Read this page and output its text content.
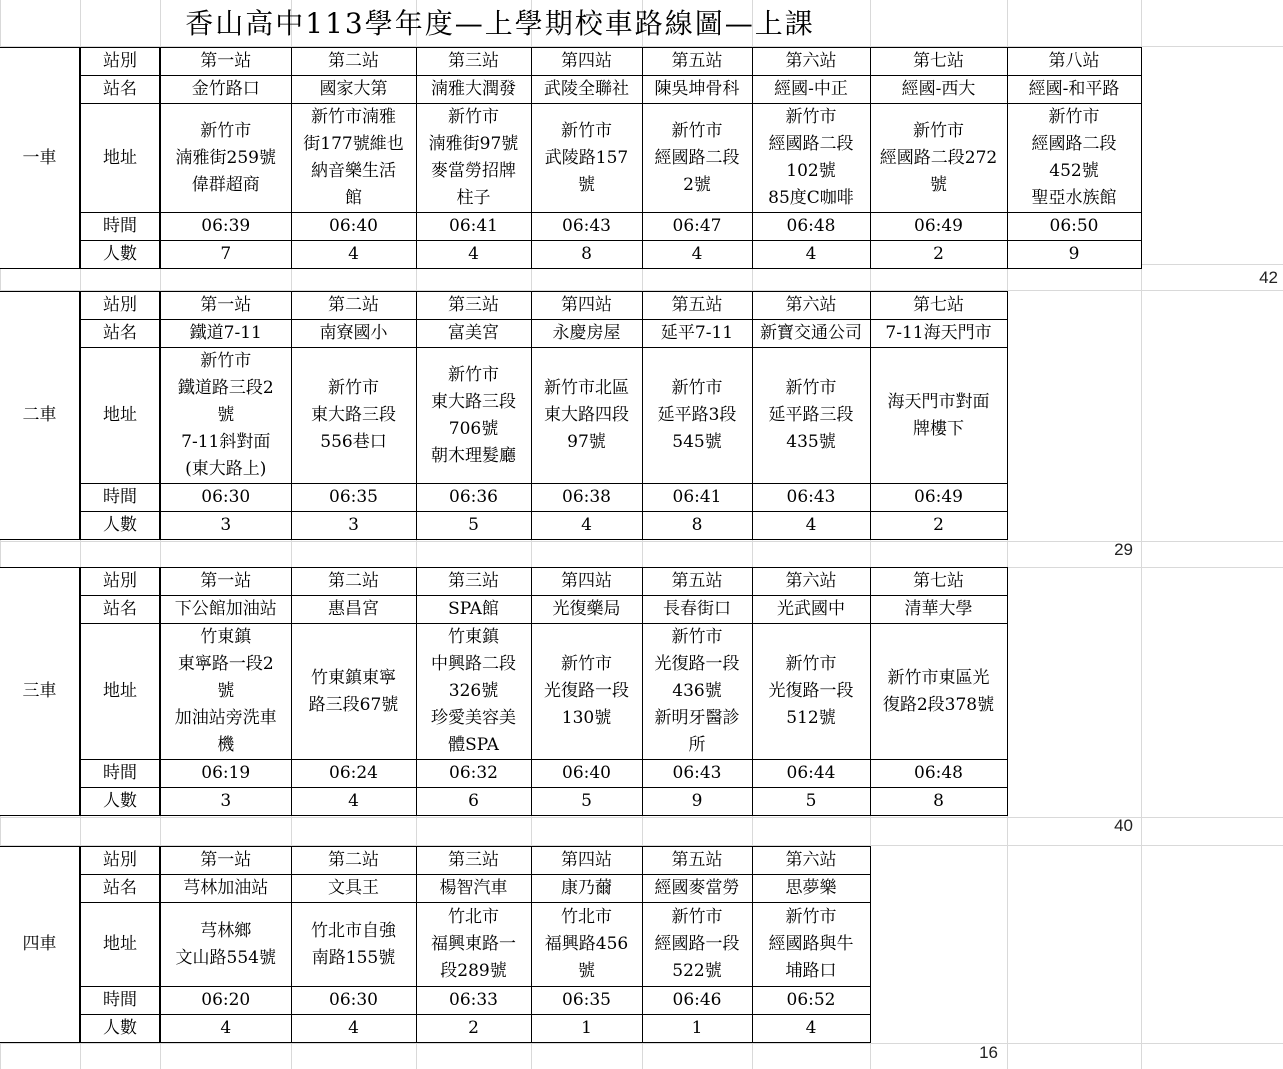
香山高中113學年度—上學期校車路線圖—上課
一車	站別	第一站	第二站	第三站	第四站	第五站	第六站	第七站	第八站
	站名	金竹路口	國家大第	湳雅大潤發	武陵全聯社	陳吳坤骨科	經國-中正	經國-西大	經國-和平路
	地址	新竹市
湳雅街259號
偉群超商	新竹市湳雅
街177號維也
納音樂生活
館	新竹市
湳雅街97號
麥當勞招牌
柱子	新竹市
武陵路157
號	新竹市
經國路二段
2號	新竹市
經國路二段
102號
85度C咖啡	新竹市
經國路二段272
號	新竹市
經國路二段
452號
聖亞水族館
	時間	06:39	06:40	06:41	06:43	06:47	06:48	06:49	06:50
	人數	7	4	4	8	4	4	2	9
42
二車	站別	第一站	第二站	第三站	第四站	第五站	第六站	第七站
	站名	鐵道7-11	南寮國小	富美宮	永慶房屋	延平7-11	新寶交通公司	7-11海天門市
	地址	新竹市
鐵道路三段2
號
7-11斜對面
(東大路上)	新竹市
東大路三段
556巷口	新竹市
東大路三段
706號
朝木理髮廳	新竹市北區
東大路四段
97號	新竹市
延平路3段
545號	新竹市
延平路三段
435號	海天門市對面
牌樓下
	時間	06:30	06:35	06:36	06:38	06:41	06:43	06:49
	人數	3	3	5	4	8	4	2
29
三車	站別	第一站	第二站	第三站	第四站	第五站	第六站	第七站
	站名	下公館加油站	惠昌宮	SPA館	光復藥局	長春街口	光武國中	清華大學
	地址	竹東鎮
東寧路一段2
號
加油站旁洗車
機	竹東鎮東寧
路三段67號	竹東鎮
中興路二段
326號
珍愛美容美
體SPA	新竹市
光復路一段
130號	新竹市
光復路一段
436號
新明牙醫診
所	新竹市
光復路一段
512號	新竹市東區光
復路2段378號
	時間	06:19	06:24	06:32	06:40	06:43	06:44	06:48
	人數	3	4	6	5	9	5	8
40
四車	站別	第一站	第二站	第三站	第四站	第五站	第六站
	站名	芎林加油站	文具王	楊智汽車	康乃薾	經國麥當勞	思夢樂
	地址	芎林鄉
文山路554號	竹北市自強
南路155號	竹北市
福興東路一
段289號	竹北市
福興路456
號	新竹市
經國路一段
522號	新竹市
經國路與牛
埔路口
	時間	06:20	06:30	06:33	06:35	06:46	06:52
	人數	4	4	2	1	1	4
16
